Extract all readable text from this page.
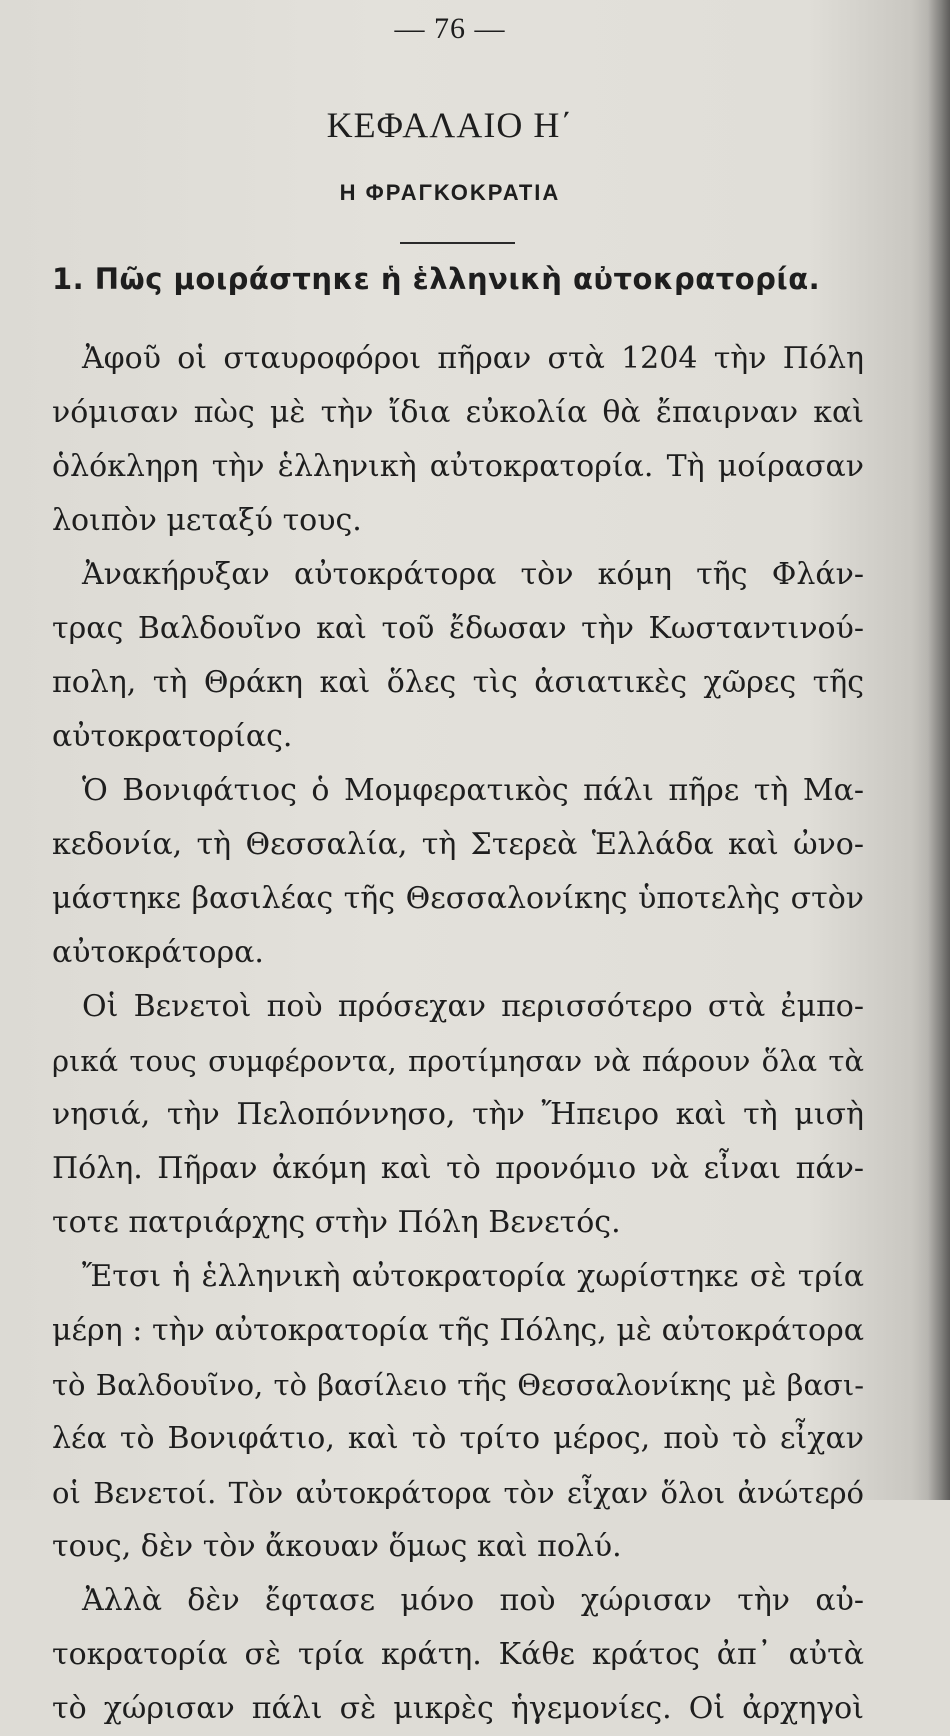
— 76 —
ΚΕΦΑΛΑΙΟ Η΄
Η ΦΡΑΓΚΟΚΡΑΤΙΑ
1. Πῶς μοιράστηκε ἡ ἑλληνικὴ αὐτοκρατορία.
Ἀφοῦ οἱ σταυροφόροι πῆραν στὰ 1204 τὴν Πόλη
νόμισαν πὼς μὲ τὴν ἴδια εὐκολία θὰ ἔπαιρναν καὶ
ὁλόκληρη τὴν ἑλληνικὴ αὐτοκρατορία. Τὴ μοίρασαν
λοιπὸν μεταξύ τους.
Ἀνακήρυξαν αὐτοκράτορα τὸν κόμη τῆς Φλάν-
τρας Βαλδουῖνο καὶ τοῦ ἔδωσαν τὴν Κωσταντινού-
πολη, τὴ Θράκη καὶ ὅλες τὶς ἀσιατικὲς χῶρες τῆς
αὐτοκρατορίας.
Ὁ Βονιφάτιος ὁ Μομφερατικὸς πάλι πῆρε τὴ Μα-
κεδονία, τὴ Θεσσαλία, τὴ Στερεὰ Ἑλλάδα καὶ ὠνο-
μάστηκε βασιλέας τῆς Θεσσαλονίκης ὑποτελὴς στὸν
αὐτοκράτορα.
Οἱ Βενετοὶ ποὺ πρόσεχαν περισσότερο στὰ ἐμπο-
ρικά τους συμφέροντα, προτίμησαν νὰ πάρουν ὅλα τὰ
νησιά, τὴν Πελοπόννησο, τὴν Ἤπειρο καὶ τὴ μισὴ
Πόλη. Πῆραν ἀκόμη καὶ τὸ προνόμιο νὰ εἶναι πάν-
τοτε πατριάρχης στὴν Πόλη Βενετός.
Ἔτσι ἡ ἑλληνικὴ αὐτοκρατορία χωρίστηκε σὲ τρία
μέρη : τὴν αὐτοκρατορία τῆς Πόλης, μὲ αὐτοκράτορα
τὸ Βαλδουῖνο, τὸ βασίλειο τῆς Θεσσαλονίκης μὲ βασι-
λέα τὸ Βονιφάτιο, καὶ τὸ τρίτο μέρος, ποὺ τὸ εἶχαν
οἱ Βενετοί. Τὸν αὐτοκράτορα τὸν εἶχαν ὅλοι ἀνώτερό
τους, δὲν τὸν ἄκουαν ὅμως καὶ πολύ.
Ἀλλὰ δὲν ἔφτασε μόνο ποὺ χώρισαν τὴν αὐ-
τοκρατορία σὲ τρία κράτη. Κάθε κράτος ἀπ᾿ αὐτὰ
τὸ χώρισαν πάλι σὲ μικρὲς ἡγεμονίες. Οἱ ἀρχηγοὶ
